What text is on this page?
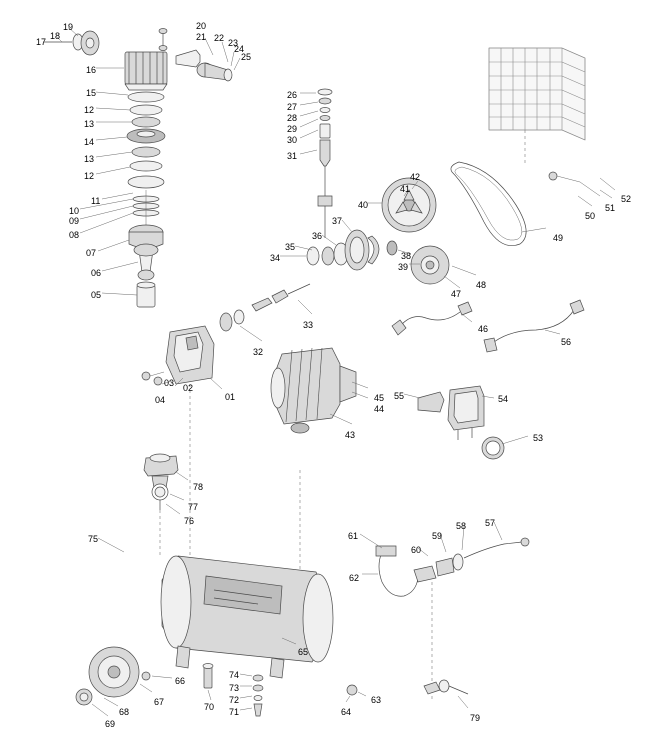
17
18
19	20
21 22 23
24
25
16
15
12
13
14
13
12
11
10
09
08
07
06
05
26
27
28
29
30
31
42
41
40
37
36
35
34	38
39
47
48
49
50
51
52
46
56
33
32
03
04
02
01
43
44
45 55	54
53
78
77
76
75	61
60
59
58 57
62
65
66
67
68
69
70 71
72
73
74
63
64
79
